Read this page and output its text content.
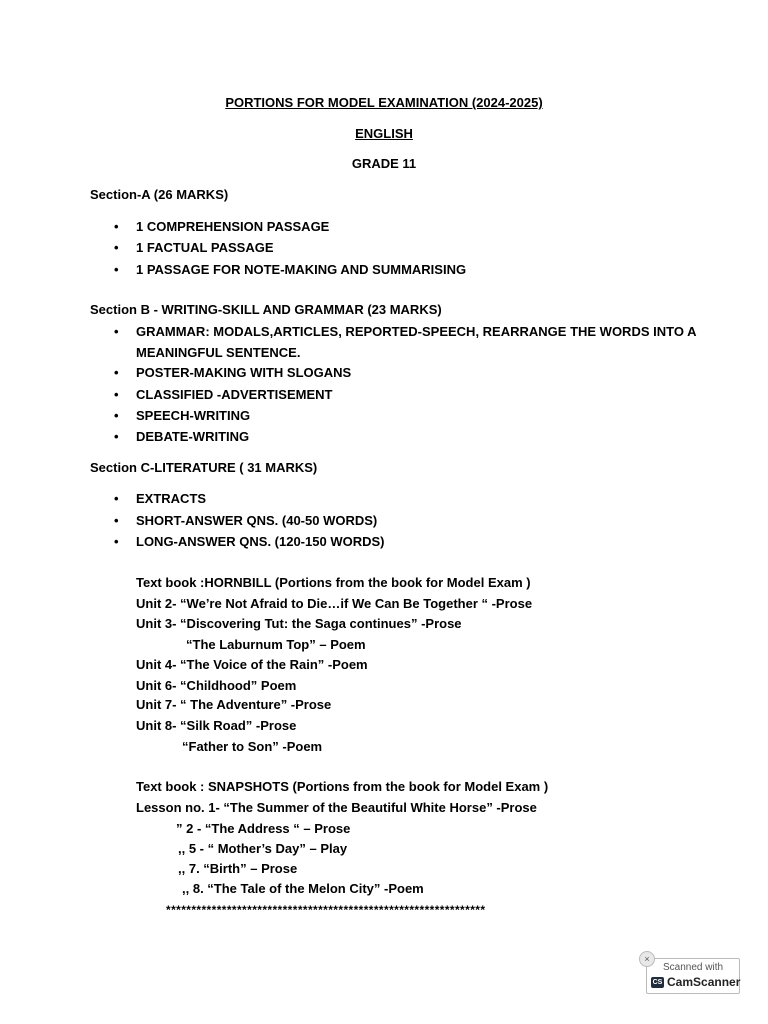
PORTIONS FOR MODEL EXAMINATION (2024-2025)
ENGLISH
GRADE 11
Section-A (26 MARKS)
•	1 COMPREHENSION PASSAGE
•	1 FACTUAL PASSAGE
•	1 PASSAGE FOR NOTE-MAKING AND SUMMARISING
Section B - WRITING-SKILL AND GRAMMAR (23 MARKS)
•	GRAMMAR: MODALS,ARTICLES, REPORTED-SPEECH, REARRANGE THE WORDS INTO A
MEANINGFUL SENTENCE.
•	POSTER-MAKING WITH SLOGANS
•	CLASSIFIED -ADVERTISEMENT
•	SPEECH-WRITING
•	DEBATE-WRITING
Section C-LITERATURE ( 31 MARKS)
•	EXTRACTS
•	SHORT-ANSWER QNS. (40-50 WORDS)
•	LONG-ANSWER QNS. (120-150 WORDS)
Text book :HORNBILL (Portions from the book for Model Exam )
Unit 2- “We’re Not Afraid to Die…if We Can Be Together “ -Prose
Unit 3- “Discovering Tut: the Saga continues” -Prose
“The Laburnum Top” – Poem
Unit 4- “The Voice of the Rain” -Poem
Unit 6- “Childhood” Poem
Unit 7- “ The Adventure” -Prose
Unit 8- “Silk Road” -Prose
“Father to Son” -Poem
Text book : SNAPSHOTS (Portions from the book for Model Exam )
Lesson no. 1- “The Summer of the Beautiful White Horse” -Prose
” 2 - “The Address “ – Prose
,, 5 - “ Mother’s Day” – Play
,, 7. “Birth” – Prose
,, 8. “The Tale of the Melon City” -Poem
***************************************************************
×
Scanned with
CS CamScanner
